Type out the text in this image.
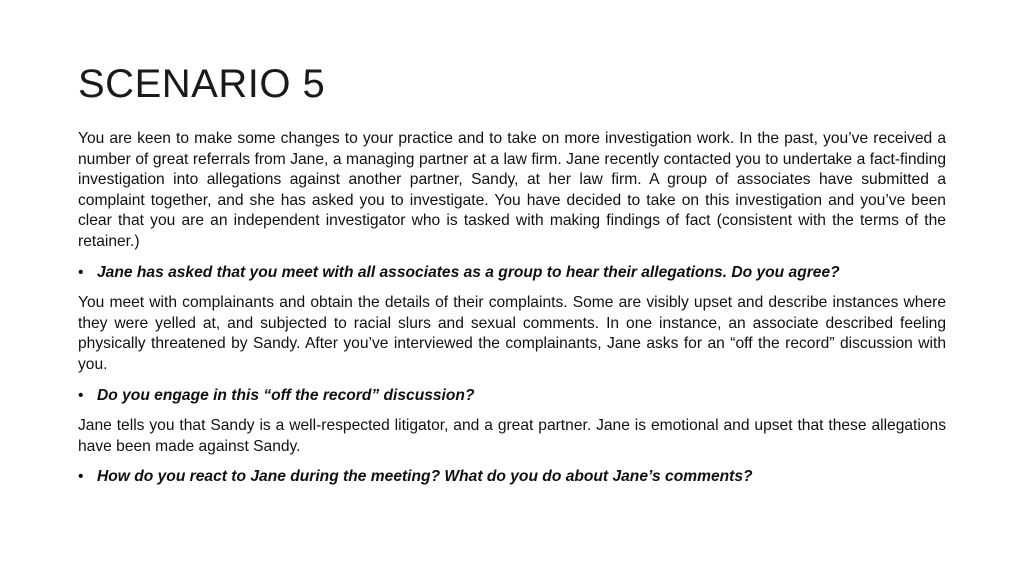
SCENARIO 5

You are keen to make some changes to your practice and to take on more investigation work. In the past, you’ve received a number of great referrals from Jane, a managing partner at a law firm. Jane recently contacted you to undertake a fact-finding investigation into allegations against another partner, Sandy, at her law firm. A group of associates have submitted a complaint together, and she has asked you to investigate. You have decided to take on this investigation and you’ve been clear that you are an independent investigator who is tasked with making findings of fact (consistent with the terms of the retainer.)

• Jane has asked that you meet with all associates as a group to hear their allegations. Do you agree?

You meet with complainants and obtain the details of their complaints. Some are visibly upset and describe instances where they were yelled at, and subjected to racial slurs and sexual comments. In one instance, an associate described feeling physically threatened by Sandy. After you’ve interviewed the complainants, Jane asks for an “off the record” discussion with you.

• Do you engage in this “off the record” discussion?

Jane tells you that Sandy is a well-respected litigator, and a great partner. Jane is emotional and upset that these allegations have been made against Sandy.

• How do you react to Jane during the meeting? What do you do about Jane’s comments?
